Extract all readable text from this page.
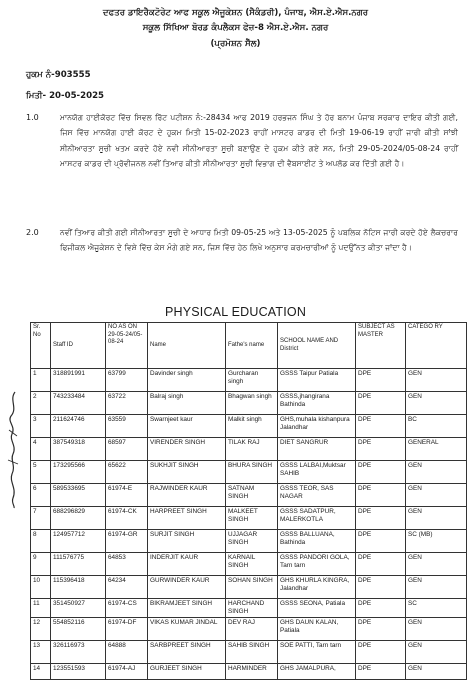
ਦਫਤਰ ਡਾਇਰੈਕਟੋਰੇਟ ਆਫ ਸਕੂਲ ਐਜੂਕੇਸ਼ਨ (ਸੈਕੰਡਰੀ), ਪੰਜਾਬ, ਐਸ.ਏ.ਐਸ.ਨਗਰ
ਸਕੂਲ ਸਿੱਖਿਆ ਬੋਰਡ ਕੰਪਲੈਕਸ ਫੇਜ਼-8 ਐਸ.ਏ.ਐਸ. ਨਗਰ
(ਪ੍ਰਮੋਸ਼ਨ ਸੈੱਲ)
ਹੁਕਮ ਨੰ-903555
ਮਿਤੀ- 20-05-2025
1.0	ਮਾਨਯੋਗ ਹਾਈਕੋਰਟ ਵਿੱਚ ਸਿਵਲ ਰਿੱਟ ਪਟੀਸ਼ਨ ਨੰ:-28434 ਆਫ 2019 ਹਰਭਜਨ ਸਿੰਘ ਤੇ ਹੋਰ ਬਨਾਮ ਪੰਜਾਬ ਸਰਕਾਰ ਦਾਇਰ ਕੀਤੀ ਗਈ, ਜਿਸ ਵਿੱਚ ਮਾਨਯੋਗ ਹਾਈ ਕੋਰਟ ਦੇ ਹੁਕਮ ਮਿਤੀ 15-02-2023 ਰਾਹੀਂ ਮਾਸਟਰ ਕਾਡਰ ਦੀ ਮਿਤੀ 19-06-19 ਰਾਹੀਂ ਜਾਰੀ ਕੀਤੀ ਸਾਂਝੀ ਸੀਨੀਆਰਤਾ ਸੂਚੀ ਖਤਮ ਕਰਦੇ ਹੋਏ ਨਵੀ ਸੀਨੀਆਰਤਾ ਸੂਚੀ ਬਣਾਉਣ ਦੇ ਹੁਕਮ ਕੀਤੇ ਗਏ ਸਨ, ਮਿਤੀ 29-05-2024/05-08-24 ਰਾਹੀਂ ਮਾਸਟਰ ਕਾਡਰ ਦੀ ਪ੍ਰੋਵੀਜਨਲ ਨਵੀਂ ਤਿਆਰ ਕੀਤੀ ਸੀਨੀਆਰਤਾ ਸੂਚੀ ਵਿਭਾਗ ਦੀ ਵੈਬਸਾਈਟ ਤੇ ਅਪਲੋਡ ਕਰ ਦਿੱਤੀ ਗਈ ਹੈ।
2.0	ਨਵੀਂ ਤਿਆਰ ਕੀਤੀ ਗਈ ਸੀਨੀਆਰਤਾ ਸੂਚੀ ਦੇ ਆਧਾਰ ਮਿਤੀ 09-05-25 ਅਤੇ 13-05-2025 ਨੂੰ ਪਬਲਿਕ ਨੋਟਿਸ ਜਾਰੀ ਕਰਦੇ ਹੋਏ ਲੈਕਚਰਾਰ ਫਿਜੀਕਲ ਐਜੂਕੇਸ਼ਨ ਦੇ ਵਿਸ਼ੇ ਵਿੱਚ ਕੇਸ ਮੰਗੇ ਗਏ ਸਨ, ਜਿਸ ਵਿੱਚ ਹੇਠ ਲਿਖੇ ਅਨੁਸਾਰ ਕਰਮਚਾਰੀਆਂ ਨੂੰ ਪਦਉੱਨਤ ਕੀਤਾ ਜਾਂਦਾ ਹੈ।
PHYSICAL EDUCATION
Sr. No	Staff ID	NO AS ON 29-05-24/05-08-24	Name	Fathe's name	SCHOOL NAME AND District	SUBJECT AS MASTER	CATEGO RY
1	318891991	63799	Davinder singh	Gurcharan singh	GSSS Taipur Patiala	DPE	GEN
2	743233484	63722	Balraj singh	Bhagwan singh	GSSS,jhangirana Bathinda	DPE	GEN
3	211624746	63559	Swarnjeet kaur	Malkit singh	GHS,muhala kishanpura Jalandhar	DPE	BC
4	387549318	68597	VIRENDER SINGH	TILAK RAJ	DIET SANGRUR	DPE	GENERAL
5	173295566	65622	SUKHJIT SINGH	BHURA SINGH	GSSS LALBAI,Muktsar SAHIB	DPE	GEN
6	589533695	61974-E	RAJWINDER KAUR	SATNAM SINGH	GSSS TEOR, SAS NAGAR	DPE	GEN
7	688296829	61974-CK	HARPREET SINGH	MALKEET SINGH	GSSS SADATPUR, MALERKOTLA	DPE	GEN
8	124957712	61974-GR	SURJIT SINGH	UJJAGAR SINGH	GSSS BALLUANA, Bathinda	DPE	SC (MB)
9	111576775	64853	INDERJIT KAUR	KARNAIL SINGH	GSSS PANDORI GOLA, Tarn tarn	DPE	GEN
10	115396418	64234	GURWINDER KAUR	SOHAN SINGH	GHS KHURLA KINGRA, Jalandhar	DPE	GEN
11	351450927	61974-CS	BIKRAMJEET SINGH	HARCHAND SINGH	GSSS SEONA, Patiala	DPE	SC
12	554852116	61974-DF	VIKAS KUMAR JINDAL	DEV RAJ	GHS DAUN KALAN, Patiala	DPE	GEN
13	326116973	64888	SARBPREET SINGH	SAHIB SINGH	SOE PATTI, Tarn tarn	DPE	GEN
14	123551593	61974-AJ	GURJEET SINGH	HARMINDER	GHS JAMALPURA,	DPE	GEN
